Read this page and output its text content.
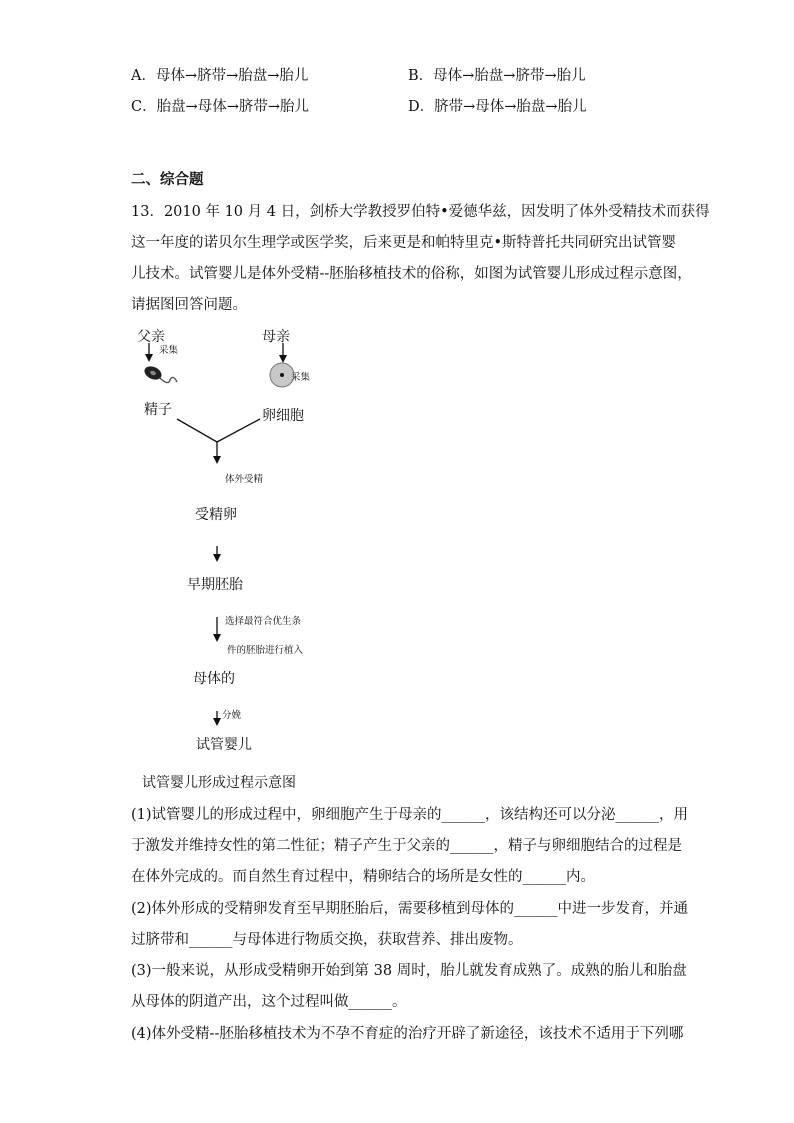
A．母体→脐带→胎盘→胎儿	B．母体→胎盘→脐带→胎儿
C．胎盘→母体→脐带→胎儿	D．脐带→母体→胎盘→胎儿
二、综合题
13．2010 年 10 月 4 日，剑桥大学教授罗伯特•爱德华兹，因发明了体外受精技术而获得
这一年度的诺贝尔生理学或医学奖，后来更是和帕特里克•斯特普托共同研究出试管婴
儿技术。试管婴儿是体外受精--胚胎移植技术的俗称，如图为试管婴儿形成过程示意图，
请据图回答问题。
父亲
采集
母亲
采集
精子	卵细胞
体外受精
受精卵
早期胚胎
选择最符合优生条
件的胚胎进行植入
母体的
分娩
试管婴儿
试管婴儿形成过程示意图
(1)试管婴儿的形成过程中，卵细胞产生于母亲的______，该结构还可以分泌______，用
于激发并维持女性的第二性征；精子产生于父亲的______，精子与卵细胞结合的过程是
在体外完成的。而自然生育过程中，精卵结合的场所是女性的______内。
(2)体外形成的受精卵发育至早期胚胎后，需要移植到母体的______中进一步发育，并通
过脐带和______与母体进行物质交换，获取营养、排出废物。
(3)一般来说，从形成受精卵开始到第 38 周时，胎儿就发育成熟了。成熟的胎儿和胎盘
从母体的阴道产出，这个过程叫做______。
(4)体外受精--胚胎移植技术为不孕不育症的治疗开辟了新途径，该技术不适用于下列哪
